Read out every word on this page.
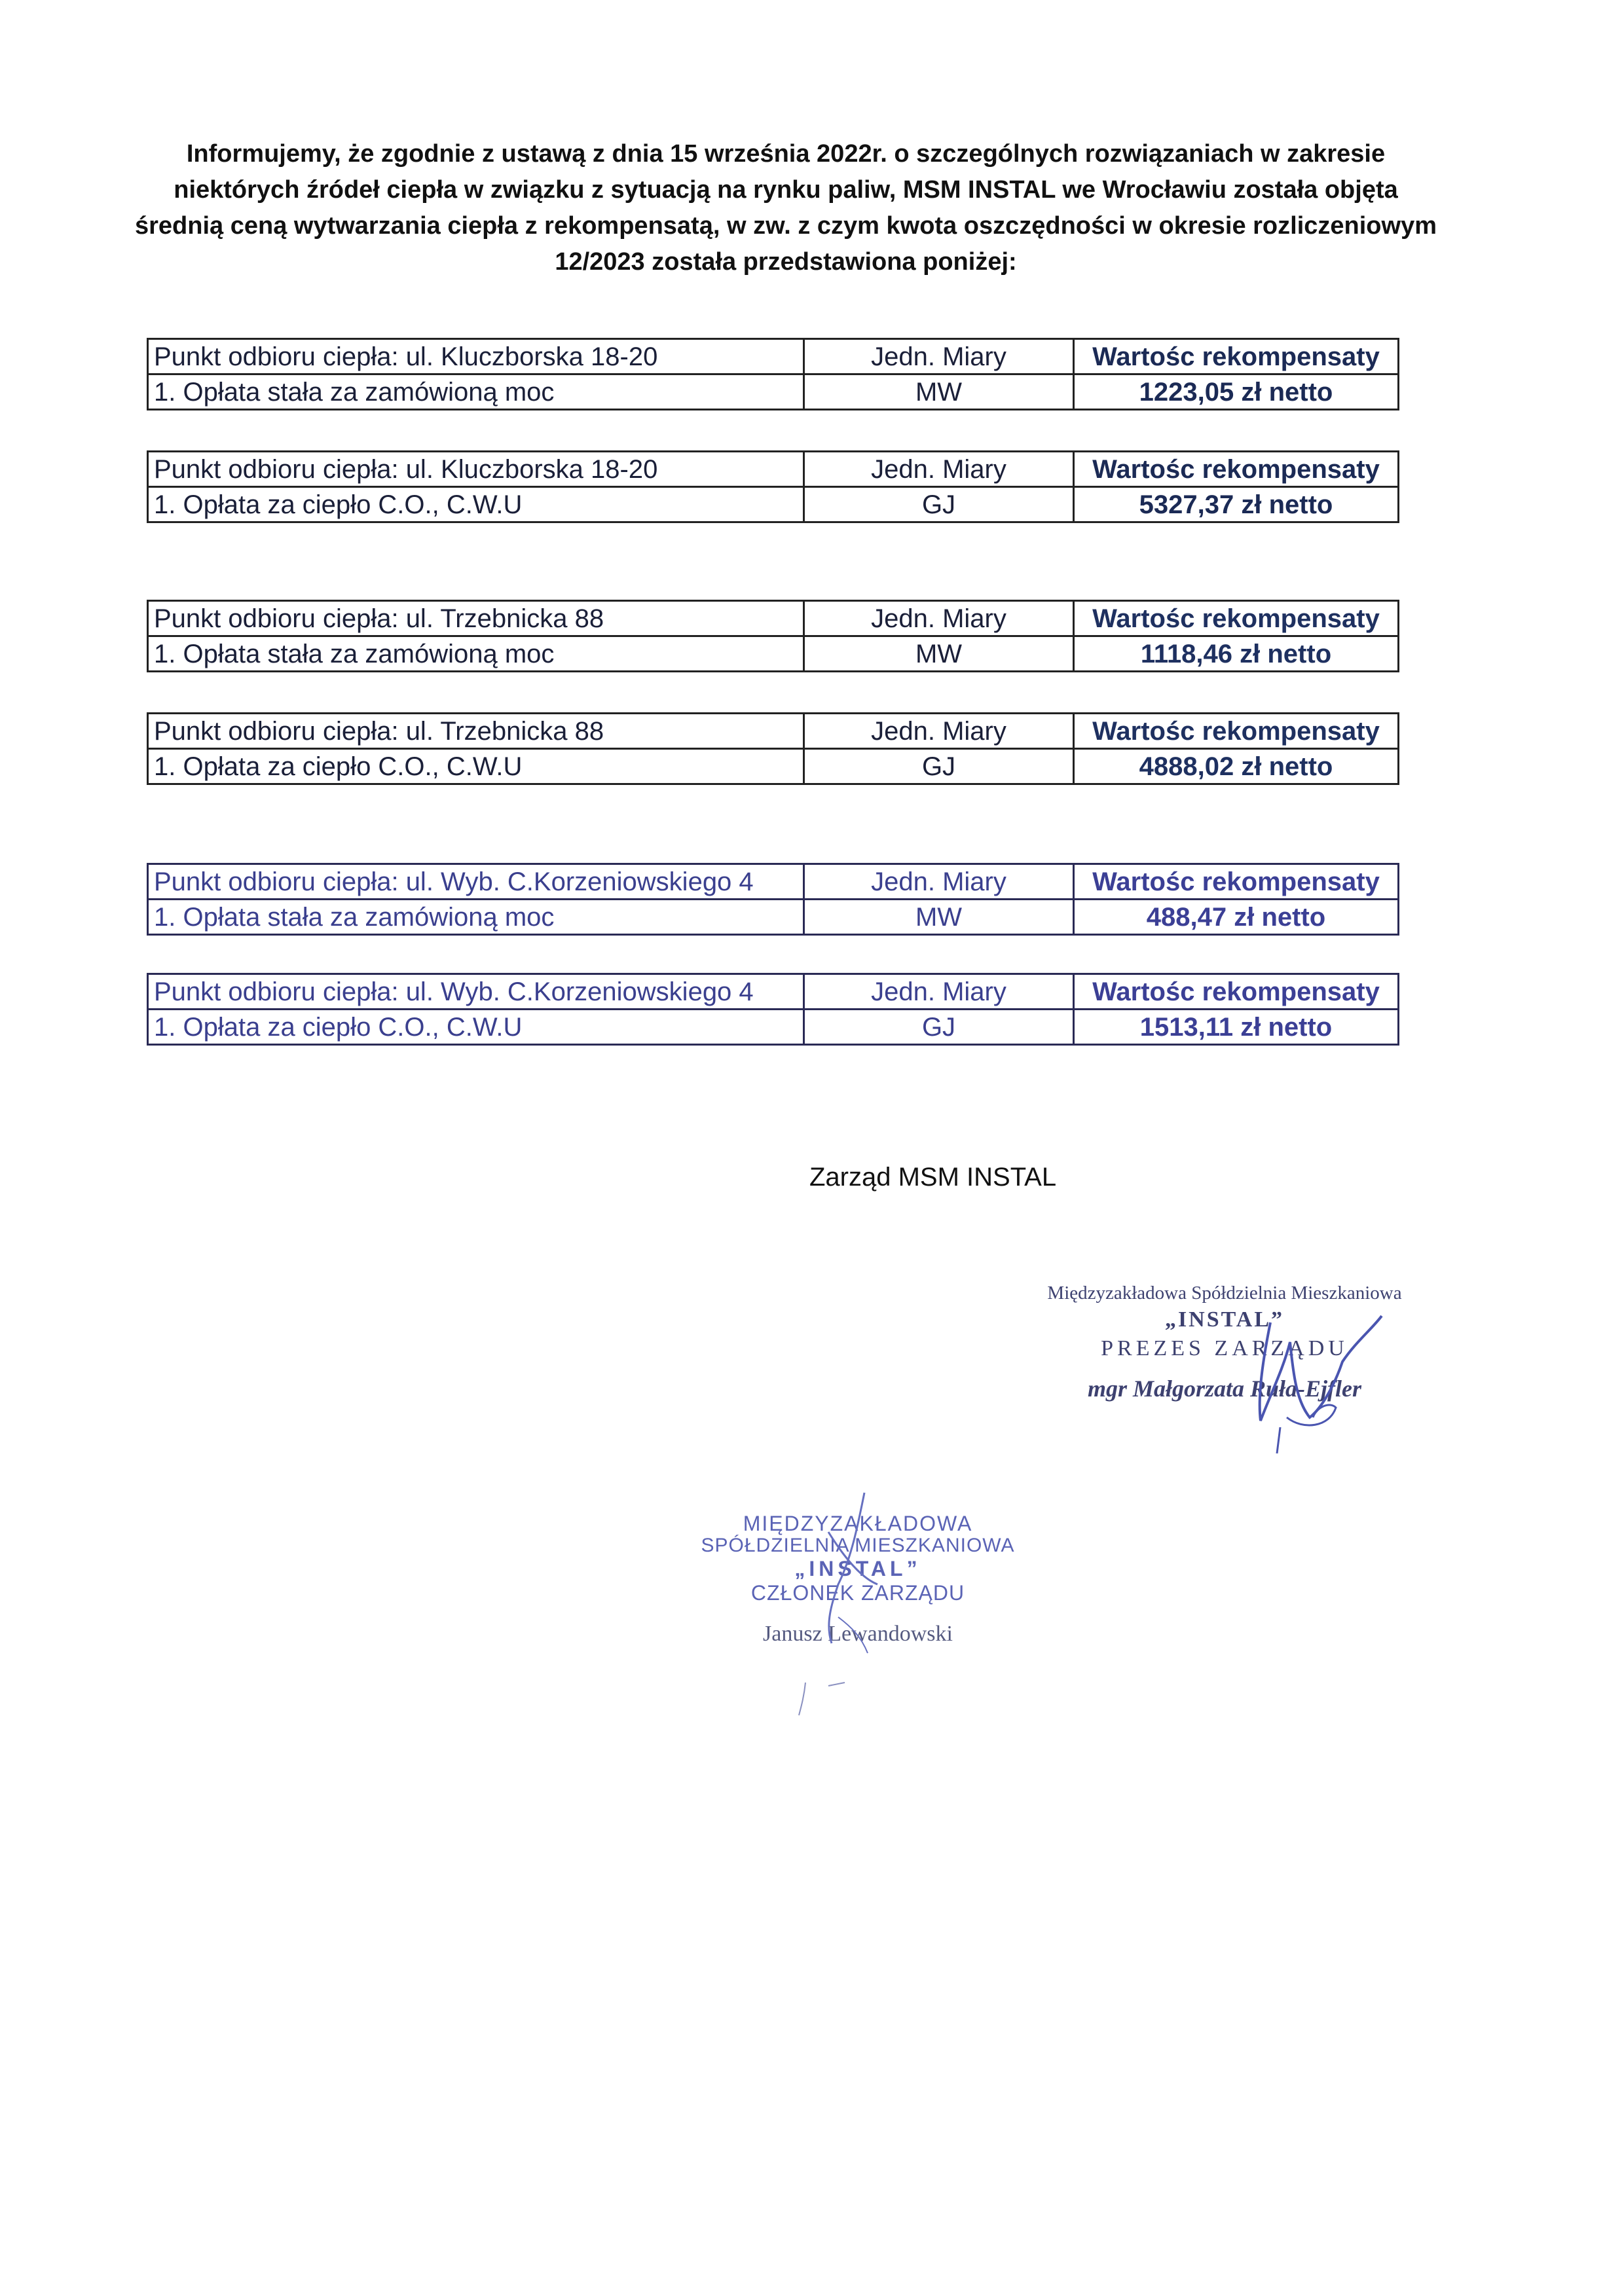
Informujemy, że zgodnie z ustawą z dnia 15 września 2022r. o szczególnych rozwiązaniach w zakresie niektórych źródeł ciepła w związku z sytuacją na rynku paliw, MSM INSTAL we Wrocławiu została objęta średnią ceną wytwarzania ciepła z rekompensatą, w zw. z czym kwota oszczędności w okresie rozliczeniowym 12/2023 została przedstawiona poniżej:

Punkt odbioru ciepła: ul. Kluczborska 18-20	Jedn. Miary	Wartośc rekompensaty
1. Opłata stała za zamówioną moc	MW	1223,05 zł netto
Punkt odbioru ciepła: ul. Kluczborska 18-20	Jedn. Miary	Wartośc rekompensaty
1. Opłata za ciepło C.O., C.W.U	GJ	5327,37 zł netto
Punkt odbioru ciepła: ul. Trzebnicka 88	Jedn. Miary	Wartośc rekompensaty
1. Opłata stała za zamówioną moc	MW	1118,46 zł netto
Punkt odbioru ciepła: ul. Trzebnicka 88	Jedn. Miary	Wartośc rekompensaty
1. Opłata za ciepło C.O., C.W.U	GJ	4888,02 zł netto
Punkt odbioru ciepła: ul. Wyb. C.Korzeniowskiego 4	Jedn. Miary	Wartośc rekompensaty
1. Opłata stała za zamówioną moc	MW	488,47 zł netto
Punkt odbioru ciepła: ul. Wyb. C.Korzeniowskiego 4	Jedn. Miary	Wartośc rekompensaty
1. Opłata za ciepło C.O., C.W.U	GJ	1513,11 zł netto

Zarząd MSM INSTAL

Międzyzakładowa Spółdzielnia Mieszkaniowa
„INSTAL”
PREZES ZARZĄDU
mgr Małgorzata Ruła-Ejfler
MIĘDZYZAKŁADOWA
SPÓŁDZIELNIA MIESZKANIOWA
„INSTAL”
CZŁONEK ZARZĄDU
Janusz Lewandowski
